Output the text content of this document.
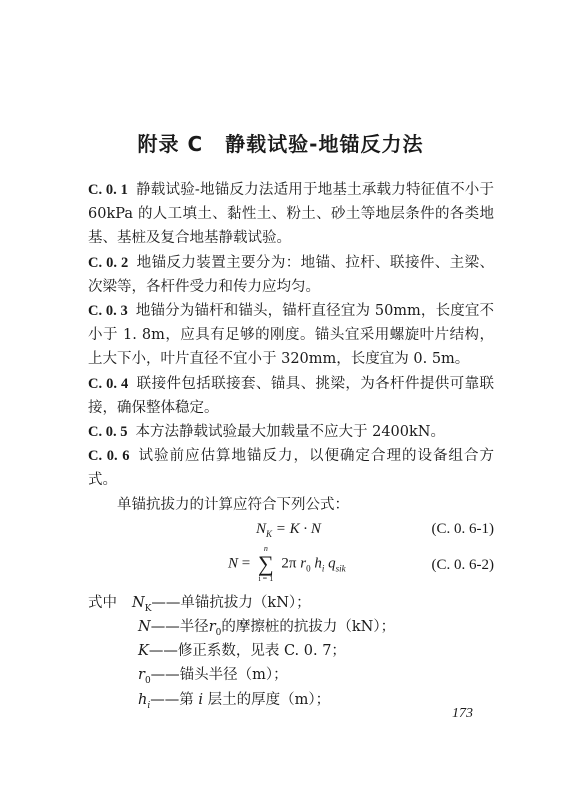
附录 C 静载试验-地锚反力法

C. 0. 1 静载试验-地锚反力法适用于地基土承载力特征值不小于60kPa 的人工填土、黏性土、粉土、砂土等地层条件的各类地基、基桩及复合地基静载试验。

C. 0. 2 地锚反力装置主要分为：地锚、拉杆、联接件、主梁、次梁等，各杆件受力和传力应均匀。

C. 0. 3 地锚分为锚杆和锚头，锚杆直径宜为 50mm，长度宜不小于 1. 8m，应具有足够的刚度。锚头宜采用螺旋叶片结构，上大下小，叶片直径不宜小于 320mm，长度宜为 0. 5m。

C. 0. 4 联接件包括联接套、锚具、挑梁，为各杆件提供可靠联接，确保整体稳定。

C. 0. 5 本方法静载试验最大加载量不应大于 2400kN。

C. 0. 6 试验前应估算地锚反力，以便确定合理的设备组合方式。

单锚抗拔力的计算应符合下列公式：

$N_K = K \cdot N$	(C. 0. 6-1)
N =
n
∑
i = 1
2π $r_0$ $h_i$ $q_{sik}$	(C. 0. 6-2)
式中 $N_K——$单锚抗拔力（kN）；
N——半径$r_0$的摩擦桩的抗拔力（kN）；
K——修正系数，见表 C. 0. 7；
$r_0——$锚头半径（m）；
$h_i——$第 i 层土的厚度（m）；
173
